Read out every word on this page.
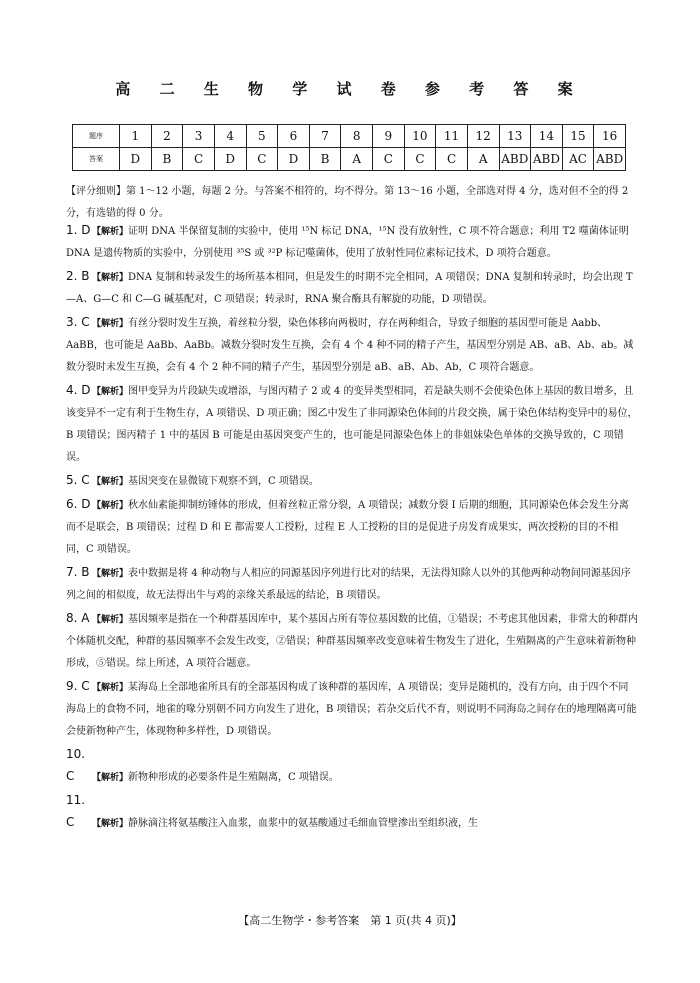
高 二 生 物 学 试 卷 参 考 答 案
题序	1	2	3	4	5	6	7	8	9	10	11	12	13	14	15	16
答案	D	B	C	D	C	D	B	A	C	C	C	A	ABD	ABD	AC	ABD
【评分细则】第 1～12 小题，每题 2 分。与答案不相符的，均不得分。第 13～16 小题，全部选对得 4 分，选对但不全的得 2 分，有选错的得 0 分。
1. D【解析】证明 DNA 半保留复制的实验中，使用 ¹⁵N 标记 DNA，¹⁵N 没有放射性，C 项不符合题意；利用 T2 噬菌体证明 DNA 是遗传物质的实验中，分别使用 ³⁵S 或 ³²P 标记噬菌体，使用了放射性同位素标记技术，D 项符合题意。
2. B 【解析】DNA 复制和转录发生的场所基本相同，但是发生的时期不完全相同，A 项错误；DNA 复制和转录时，均会出现 T—A、G—C 和 C—G 碱基配对，C 项错误；转录时，RNA 聚合酶具有解旋的功能，D 项错误。
3. C 【解析】有丝分裂时发生互换，着丝粒分裂，染色体移向两极时，存在两种组合，导致子细胞的基因型可能是 Aabb、AaBB，也可能是 AaBb、AaBb。减数分裂时发生互换，会有 4 个 4 种不同的精子产生，基因型分别是 AB、aB、Ab、ab。减数分裂时未发生互换，会有 4 个 2 种不同的精子产生，基因型分别是 aB、aB、Ab、Ab，C 项符合题意。
4. D【解析】图甲变异为片段缺失或增添，与图丙精子 2 或 4 的变异类型相同，若是缺失则不会使染色体上基因的数目增多，且该变异不一定有利于生物生存，A 项错误、D 项正确；图乙中发生了非同源染色体间的片段交换，属于染色体结构变异中的易位，B 项错误；图丙精子 1 中的基因 B 可能是由基因突变产生的，也可能是同源染色体上的非姐妹染色单体的交换导致的，C 项错误。
5. C 【解析】基因突变在显微镜下观察不到，C 项错误。
6. D【解析】秋水仙素能抑制纺锤体的形成，但着丝粒正常分裂，A 项错误；减数分裂 I 后期的细胞，其同源染色体会发生分离而不是联会，B 项错误；过程 D 和 E 都需要人工授粉，过程 E 人工授粉的目的是促进子房发育成果实，两次授粉的目的不相同，C 项错误。
7. B 【解析】表中数据是将 4 种动物与人相应的同源基因序列进行比对的结果，无法得知除人以外的其他两种动物间同源基因序列之间的相似度，故无法得出牛与鸡的亲缘关系最远的结论，B 项错误。
8. A 【解析】基因频率是指在一个种群基因库中，某个基因占所有等位基因数的比值，①错误；不考虑其他因素，非常大的种群内个体随机交配，种群的基因频率不会发生改变，②错误；种群基因频率改变意味着生物发生了进化，生殖隔离的产生意味着新物种形成，⑤错误。综上所述，A 项符合题意。
9. C 【解析】某海岛上全部地雀所具有的全部基因构成了该种群的基因库，A 项错误；变异是随机的，没有方向，由于四个不同海岛上的食物不同，地雀的喙分别朝不同方向发生了进化，B 项错误；若杂交后代不育，则说明不同海岛之间存在的地理隔离可能会使新物种产生，体现物种多样性，D 项错误。
10. C 【解析】新物种形成的必要条件是生殖隔离，C 项错误。
11. C 【解析】静脉滴注将氨基酸注入血浆，血浆中的氨基酸通过毛细血管壁渗出至组织液，生
【高二生物学・参考答案　第 1 页(共 4 页)】
